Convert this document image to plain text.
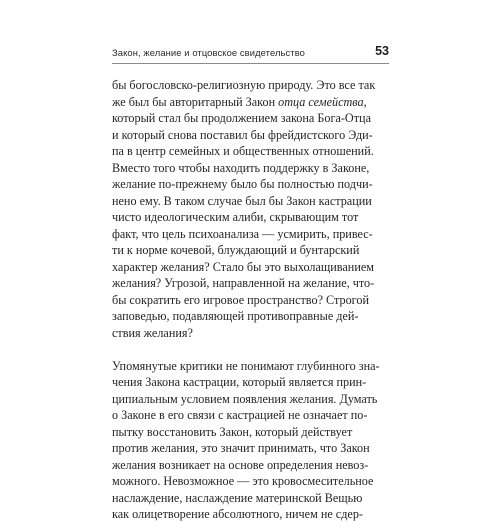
Закон, желание и отцовское свидетельство	53

бы богословско-религиозную природу. Это все так
же был бы авторитарный Закон отца семейства,
который стал бы продолжением закона Бога-Отца
и который снова поставил бы фрейдистского Эди-
па в центр семейных и общественных отношений.
Вместо того чтобы находить поддержку в Законе,
желание по-прежнему было бы полностью подчи-
нено ему. В таком случае был бы Закон кастрации
чисто идеологическим алиби, скрывающим тот
факт, что цель психоанализа — усмирить, привес-
ти к норме кочевой, блуждающий и бунтарский
характер желания? Стало бы это выхолащиванием
желания? Угрозой, направленной на желание, что-
бы сократить его игровое пространство? Строгой
заповедью, подавляющей противоправные дей-
ствия желания?

Упомянутые критики не понимают глубинного зна-
чения Закона кастрации, который является прин-
ципиальным условием появления желания. Думать
о Законе в его связи с кастрацией не означает по-
пытку восстановить Закон, который действует
против желания, это значит принимать, что Закон
желания возникает на основе определения невоз-
можного. Невозможное — это кровосмесительное
наслаждение, наслаждение материнской Вещью
как олицетворение абсолютного, ничем не сдер-
